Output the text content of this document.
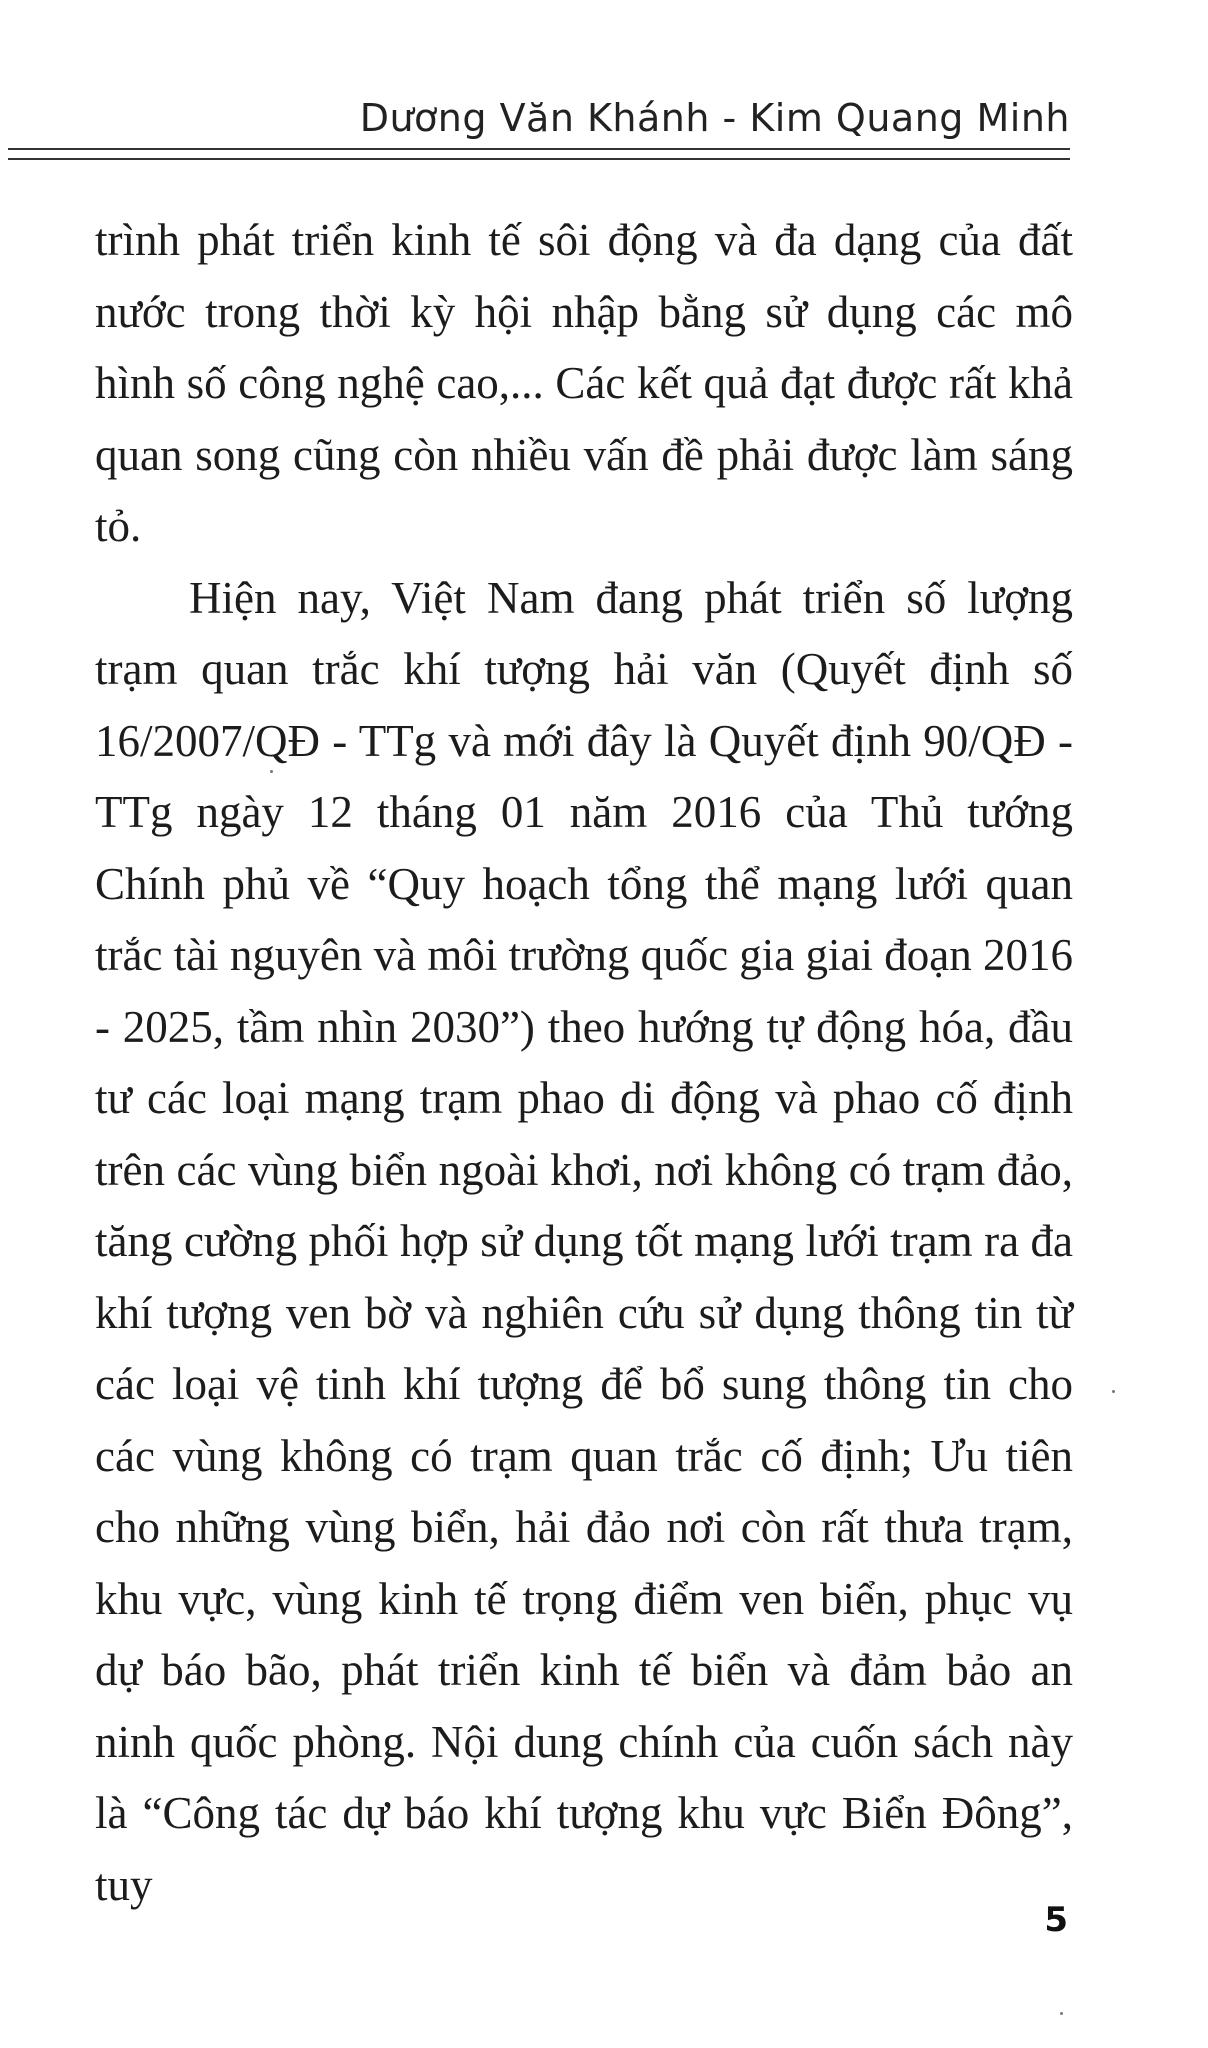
Dương Văn Khánh - Kim Quang Minh

trình phát triển kinh tế sôi động và đa dạng của đất nước trong thời kỳ hội nhập bằng sử dụng các mô hình số công nghệ cao,... Các kết quả đạt được rất khả quan song cũng còn nhiều vấn đề phải được làm sáng tỏ.

Hiện nay, Việt Nam đang phát triển số lượng trạm quan trắc khí tượng hải văn (Quyết định số 16/2007/QĐ - TTg và mới đây là Quyết định 90/QĐ - TTg ngày 12 tháng 01 năm 2016 của Thủ tướng Chính phủ về “Quy hoạch tổng thể mạng lưới quan trắc tài nguyên và môi trường quốc gia giai đoạn 2016 - 2025, tầm nhìn 2030”) theo hướng tự động hóa, đầu tư các loại mạng trạm phao di động và phao cố định trên các vùng biển ngoài khơi, nơi không có trạm đảo, tăng cường phối hợp sử dụng tốt mạng lưới trạm ra đa khí tượng ven bờ và nghiên cứu sử dụng thông tin từ các loại vệ tinh khí tượng để bổ sung thông tin cho các vùng không có trạm quan trắc cố định; Ưu tiên cho những vùng biển, hải đảo nơi còn rất thưa trạm, khu vực, vùng kinh tế trọng điểm ven biển, phục vụ dự báo bão, phát triển kinh tế biển và đảm bảo an ninh quốc phòng. Nội dung chính của cuốn sách này là “Công tác dự báo khí tượng khu vực Biển Đông”, tuy

5
